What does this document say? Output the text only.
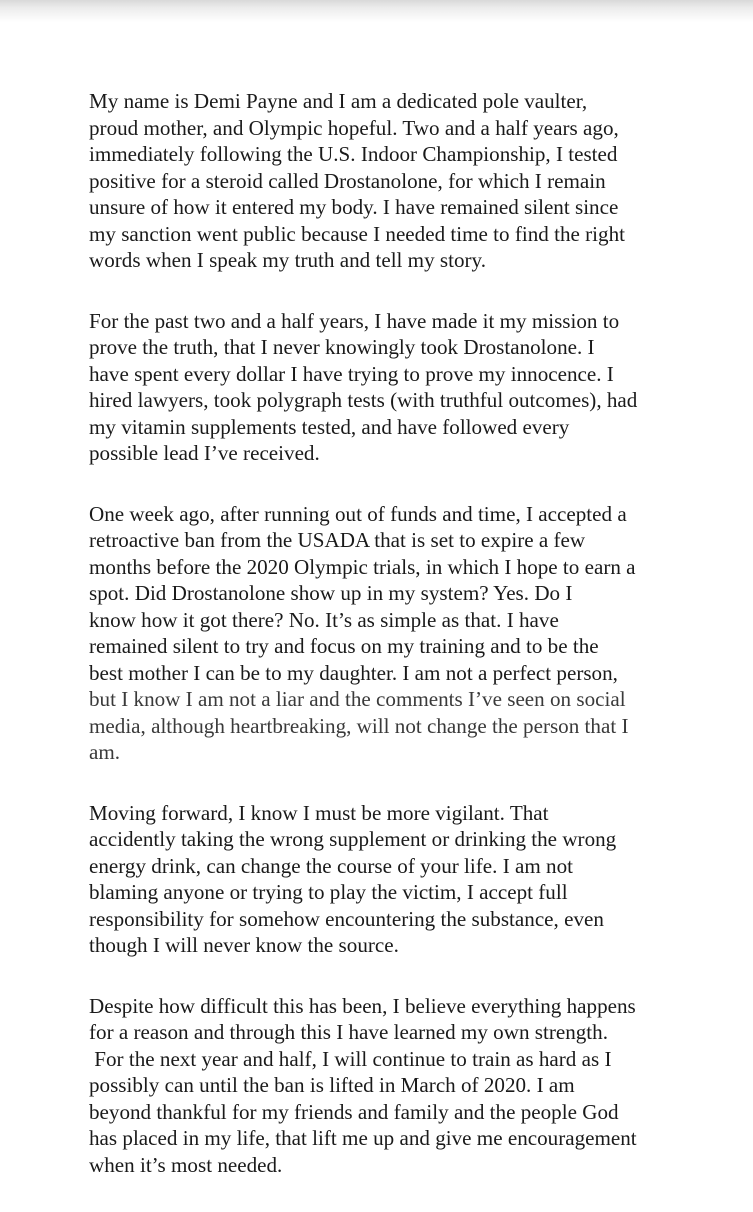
My name is Demi Payne and I am a dedicated pole vaulter,
proud mother, and Olympic hopeful. Two and a half years ago,
immediately following the U.S. Indoor Championship, I tested
positive for a steroid called Drostanolone, for which I remain
unsure of how it entered my body. I have remained silent since
my sanction went public because I needed time to find the right
words when I speak my truth and tell my story.

For the past two and a half years, I have made it my mission to
prove the truth, that I never knowingly took Drostanolone. I
have spent every dollar I have trying to prove my innocence. I
hired lawyers, took polygraph tests (with truthful outcomes), had
my vitamin supplements tested, and have followed every
possible lead I’ve received.

One week ago, after running out of funds and time, I accepted a
retroactive ban from the USADA that is set to expire a few
months before the 2020 Olympic trials, in which I hope to earn a
spot. Did Drostanolone show up in my system? Yes. Do I
know how it got there? No. It’s as simple as that. I have
remained silent to try and focus on my training and to be the
best mother I can be to my daughter. I am not a perfect person,
but I know I am not a liar and the comments I’ve seen on social
media, although heartbreaking, will not change the person that I
am.

Moving forward, I know I must be more vigilant. That
accidently taking the wrong supplement or drinking the wrong
energy drink, can change the course of your life. I am not
blaming anyone or trying to play the victim, I accept full
responsibility for somehow encountering the substance, even
though I will never know the source.

Despite how difficult this has been, I believe everything happens
for a reason and through this I have learned my own strength.
For the next year and half, I will continue to train as hard as I
possibly can until the ban is lifted in March of 2020. I am
beyond thankful for my friends and family and the people God
has placed in my life, that lift me up and give me encouragement
when it’s most needed.
